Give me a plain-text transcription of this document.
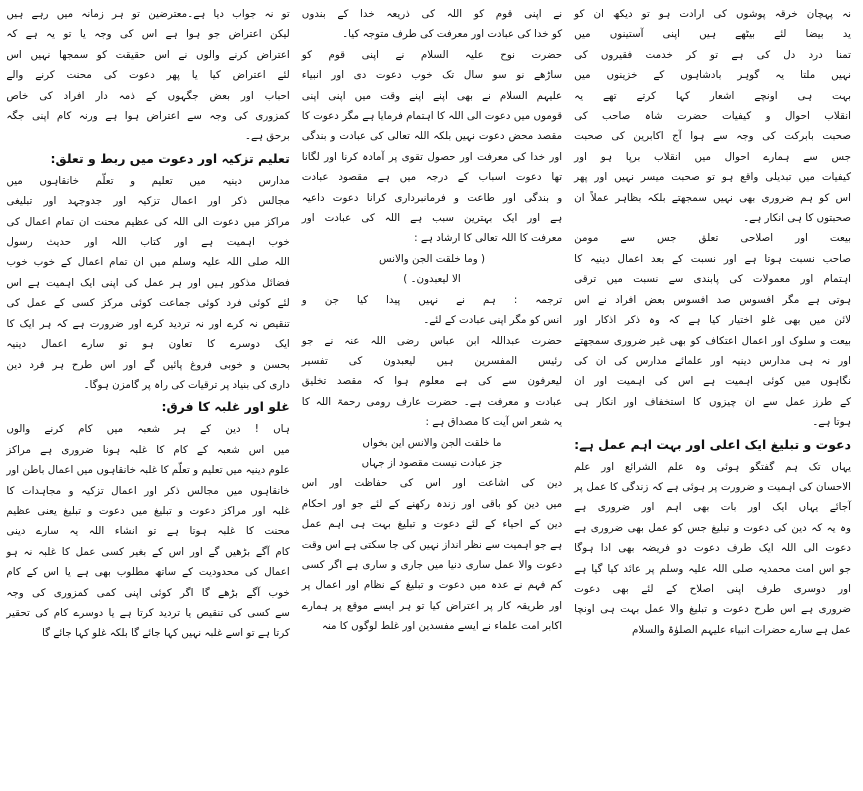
نہ پہچان خرقہ پوشوں کی ارادت ہو تو دیکھ ان کو
ید بیضا لئے بیٹھے ہیں اپنی آستینوں میں
تمنا درد دل کی ہے تو کر خدمت فقیروں کی
نہیں ملتا یہ گوہر بادشاہوں کے خزینوں میں
بہت ہی اونچے اشعار کہا کرتے تھے یہ
انقلاب احوال و کیفیات حضرت شاہ صاحب کی
صحبت بابرکت کی وجہ سے ہوا آج اکابرین کی صحبت
جس سے ہمارے احوال میں انقلاب برپا ہو اور
کیفیات میں تبدیلی واقع ہو تو صحبت میسر نہیں اور پھر
اس کو ہم ضروری بھی نہیں سمجھتے بلکہ بظاہر عملاً ان
صحبتوں کا ہی انکار ہے۔
بیعت اور اصلاحی تعلق جس سے مومن
صاحب نسبت ہوتا ہے اور نسبت کے بعد اعمال دینیہ کا
اہتمام اور معمولات کی پابندی سے نسبت میں ترقی
ہوتی ہے مگر افسوس صد افسوس بعض افراد نے اس
لائن میں بھی غلو اختیار کیا ہے کہ وہ ذکر اذکار اور
بیعت و سلوک اور اعمال اعتکاف کو بھی غیر ضروری سمجھتے
اور نہ ہی مدارس دینیہ اور علمائے مدارس کی ان کی
نگاہوں میں کوئی اہمیت ہے اس کی اہمیت اور ان
کے طرز عمل سے ان چیزوں کا استخفاف اور انکار ہی
ہوتا ہے۔
دعوت و تبلیغ ایک اعلی اور بہت اہم عمل ہے:
یہاں تک ہم گفتگو ہوئی وہ علم الشرائع اور علم
الاحسان کی اہمیت و ضرورت پر ہوئی ہے کہ زندگی کا عمل پر
آجائے یہاں ایک اور بات بھی اہم اور ضروری ہے
وہ یہ کہ دین کی دعوت و تبلیغ جس کو عمل بھی ضروری ہے
دعوت الی اللہ ایک طرف دعوت دو فریضہ بھی ادا ہوگا
جو اس امت محمدیہ صلی اللہ علیہ وسلم پر عائد کیا گیا ہے
اور دوسری طرف اپنی اصلاح کے لئے بھی دعوت
ضروری ہے اس طرح دعوت و تبلیغ والا عمل بہت ہی اونچا
عمل ہے سارے حضرات انبیاء علیہم الصلوٰۃ والسلام
نے اپنی قوم کو اللہ کی ذریعہ خدا کے بندوں
کو خدا کی عبادت اور معرفت کی طرف متوجہ کیا۔
حضرت نوح علیہ السلام نے اپنی قوم کو
ساڑھے نو سو سال تک خوب دعوت دی اور انبیاء
علیہم السلام نے بھی اپنے اپنے وقت میں اپنی اپنی
قوموں میں دعوت الی اللہ کا اہتمام فرمایا ہے مگر دعوت کا
مقصد محض دعوت نہیں بلکہ اللہ تعالی کی عبادت و بندگی
اور خدا کی معرفت اور حصول تقوی پر آمادہ کرنا اور لگانا
تھا دعوت اسباب کے درجہ میں ہے مقصود عبادت
و بندگی اور طاعت و فرمانبرداری کرانا دعوت داعیہ
ہے اور ایک بہترین سبب ہے اللہ کی عبادت اور
معرفت کا اللہ تعالی کا ارشاد ہے :
( وما خلقت الجن والانس
الا لیعبدون۔ )
ترجمہ : ہم نے نہیں پیدا کیا جن و
انس کو مگر اپنی عبادت کے لئے۔
حضرت عبداللہ ابن عباس رضی اللہ عنہ نے جو
رئیس المفسرین ہیں لیعبدون کی تفسیر
لیعرفون سے کی ہے معلوم ہوا کہ مقصد تخلیق
عبادت و معرفت ہے۔ حضرت عارف رومی رحمۃ اللہ کا
یہ شعر اس آیت کا مصداق ہے :
ما خلقت الجن والانس این بخواں
جز عبادت نیست مقصود از جہاں
دین کی اشاعت اور اس کی حفاظت اور اس
میں دین کو باقی اور زندہ رکھنے کے لئے جو اور احکام
دین کے احیاء کے لئے دعوت و تبلیغ بہت ہی اہم عمل
ہے جو اہمیت سے نظر انداز نہیں کی جا سکتی ہے اس وقت
دعوت والا عمل ساری دنیا میں جاری و ساری ہے اگر کسی
کم فہم نے عدہ میں دعوت و تبلیغ کے نظام اور اعمال پر
اور طریقہ کار پر اعتراض کیا تو ہر ایسے موقع پر ہمارے
اکابر امت علماء نے ایسے مفسدین اور غلط لوگوں کا منہ
تو نہ جواب دیا ہے۔معترضین تو ہر زمانہ میں رہے ہیں
لیکن اعتراض جو ہوا ہے اس کی وجہ یا تو یہ ہے کہ
اعتراض کرنے والوں نے اس حقیقت کو سمجھا نہیں اس
لئے اعتراض کیا یا پھر دعوت کی محنت کرنے والے
احباب اور بعض جگہوں کے ذمہ دار افراد کی خاص
کمزوری کی وجہ سے اعتراض ہوا ہے ورنہ کام اپنی جگہ
برحق ہے۔
تعلیم تزکیہ اور دعوت میں ربط و تعلق:
مدارس دینیہ میں تعلیم و تعلّم خانقاہوں میں
مجالس ذکر اور اعمال تزکیہ اور جدوجہد اور تبلیغی
مراکز میں دعوت الی اللہ کی عظیم محنت ان تمام اعمال کی
خوب اہمیت ہے اور کتاب اللہ اور حدیث رسول
اللہ صلی اللہ علیہ وسلم میں ان تمام اعمال کے خوب خوب
فضائل مذکور ہیں اور ہر عمل کی اپنی ایک اہمیت ہے اس
لئے کوئی فرد کوئی جماعت کوئی مرکز کسی کے عمل کی
تنقیص نہ کرے اور نہ تردید کرے اور ضرورت ہے کہ ہر ایک کا
ایک دوسرے کا تعاون ہو تو سارے اعمال دینیہ
بحسن و خوبی فروغ پائیں گے اور اس طرح ہر فرد دین
داری کی بنیاد پر ترقیات کی راہ پر گامزن ہوگا۔
غلو اور غلبہ کا فرق:
ہاں ! دین کے ہر شعبہ میں کام کرنے والوں
میں اس شعبہ کے کام کا غلبہ ہونا ضروری ہے مراکز
علوم دینیہ میں تعلیم و تعلّم کا غلبہ خانقاہوں میں اعمال باطن اور
خانقاہوں میں مجالس ذکر اور اعمال تزکیہ و مجاہدات کا
غلبہ اور مراکز دعوت و تبلیغ میں دعوت و تبلیغ یعنی عظیم
محنت کا غلبہ ہوتا ہے تو انشاء اللہ یہ سارے دینی
کام آگے بڑھیں گے اور اس کے بغیر کسی عمل کا غلبہ نہ ہو
اعمال کی محدودیت کے ساتھ مطلوب بھی ہے یا اس کے کام
خوب آگے بڑھے گا اگر کوئی اپنی کمی کمزوری کی وجہ
سے کسی کی تنقیص یا تردید کرتا ہے یا دوسرے کام کی تحقیر
کرتا ہے تو اسے غلبہ نہیں کہا جائے گا بلکہ غلو کہا جائے گا
